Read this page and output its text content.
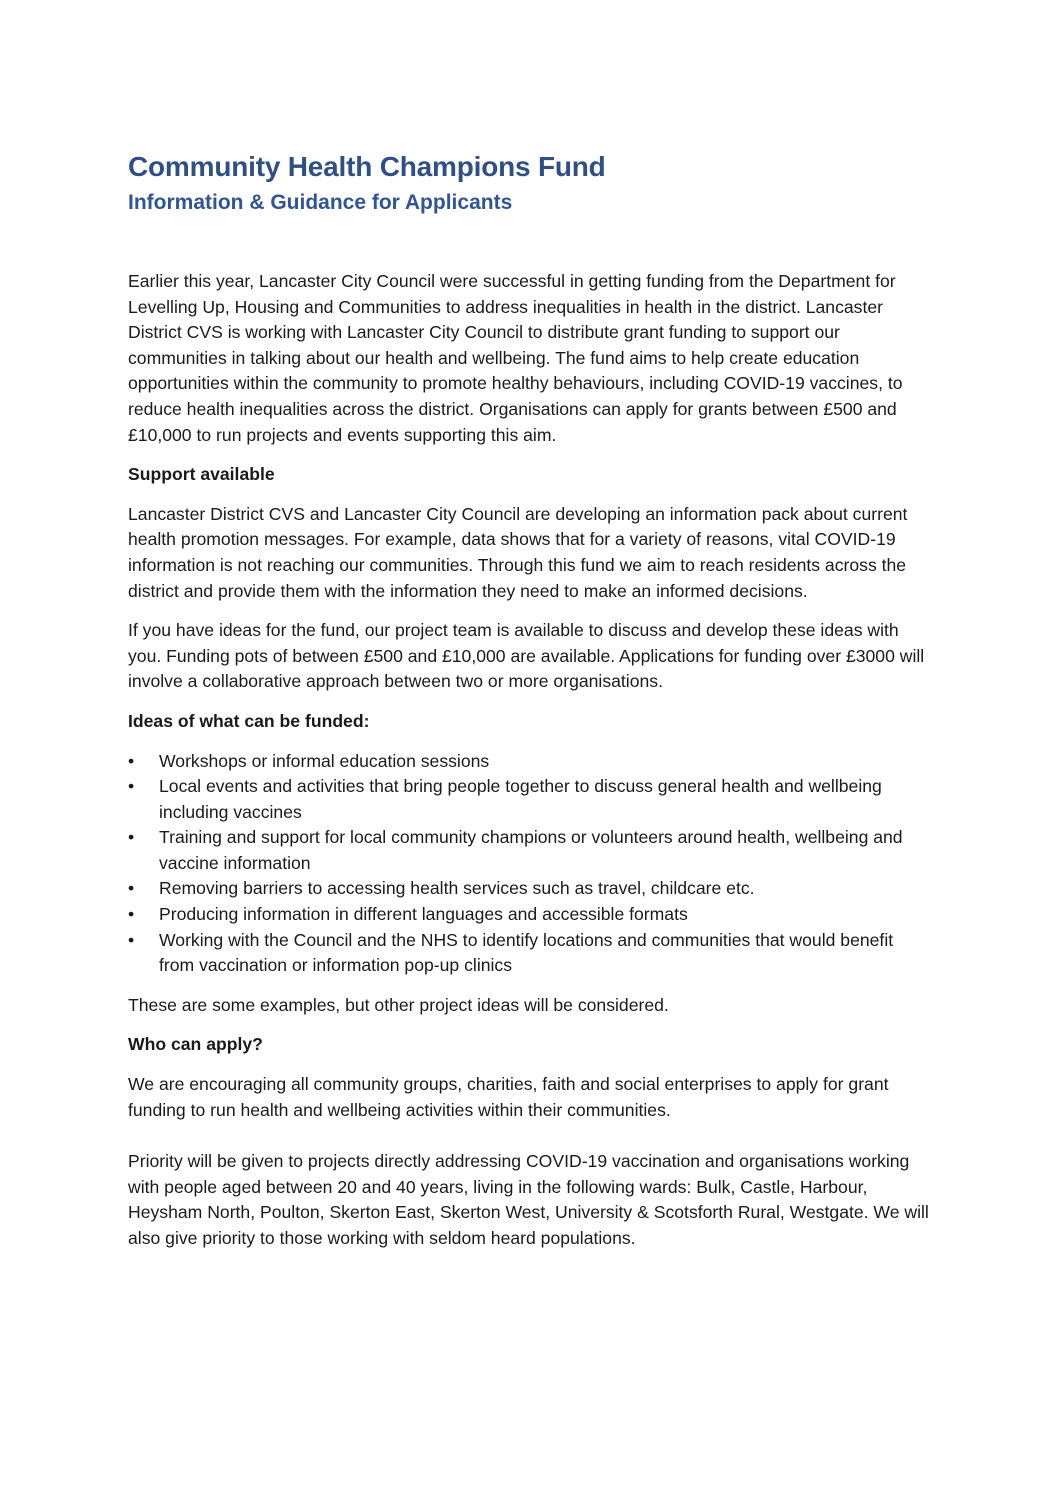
Community Health Champions Fund
Information & Guidance for Applicants

Earlier this year, Lancaster City Council were successful in getting funding from the Department for Levelling Up, Housing and Communities to address inequalities in health in the district. Lancaster District CVS is working with Lancaster City Council to distribute grant funding to support our communities in talking about our health and wellbeing. The fund aims to help create education opportunities within the community to promote healthy behaviours, including COVID-19 vaccines, to reduce health inequalities across the district. Organisations can apply for grants between £500 and £10,000 to run projects and events supporting this aim.

Support available

Lancaster District CVS and Lancaster City Council are developing an information pack about current health promotion messages. For example, data shows that for a variety of reasons, vital COVID-19 information is not reaching our communities. Through this fund we aim to reach residents across the district and provide them with the information they need to make an informed decisions.

If you have ideas for the fund, our project team is available to discuss and develop these ideas with you. Funding pots of between £500 and £10,000 are available. Applications for funding over £3000 will involve a collaborative approach between two or more organisations.

Ideas of what can be funded:
•	Workshops or informal education sessions
•	Local events and activities that bring people together to discuss general health and wellbeing including vaccines
•	Training and support for local community champions or volunteers around health, wellbeing and vaccine information
•	Removing barriers to accessing health services such as travel, childcare etc.
•	Producing information in different languages and accessible formats
•	Working with the Council and the NHS to identify locations and communities that would benefit from vaccination or information pop-up clinics

These are some examples, but other project ideas will be considered.

Who can apply?

We are encouraging all community groups, charities, faith and social enterprises to apply for grant funding to run health and wellbeing activities within their communities.

Priority will be given to projects directly addressing COVID-19 vaccination and organisations working with people aged between 20 and 40 years, living in the following wards: Bulk, Castle, Harbour, Heysham North, Poulton, Skerton East, Skerton West, University & Scotsforth Rural, Westgate. We will also give priority to those working with seldom heard populations.
